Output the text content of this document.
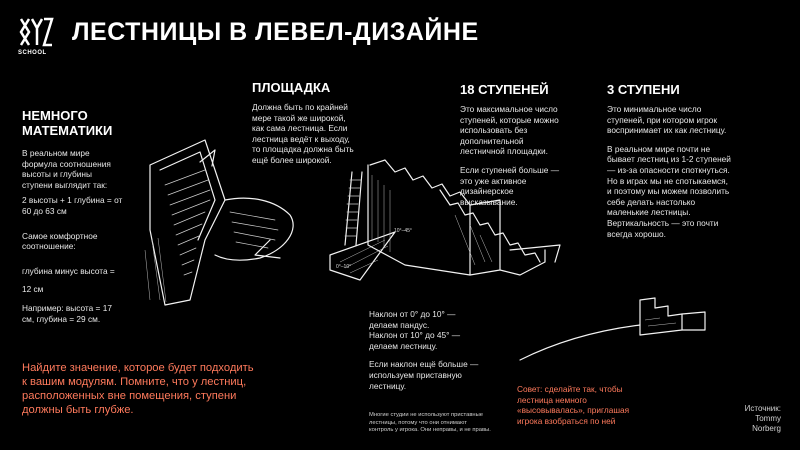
10°–45°
0°–10°
SCHOOL
ЛЕСТНИЦЫ В ЛЕВЕЛ-ДИЗАЙНЕ
НЕМНОГО
МАТЕМАТИКИ
В реальном мире
формула соотношения
высоты и глубины
ступени выглядит так:
2 высоты + 1 глубина = от
60 до 63 см
Самое комфортное
соотношение:
глубина минус высота =
12 см
Например: высота = 17
см, глубина = 29 см.
Найдите значение, которое будет подходить
к вашим модулям. Помните, что у лестниц,
расположенных вне помещения, ступени
должны быть глубже.
ПЛОЩАДКА
Должна быть по крайней
мере такой же широкой,
как сама лестница. Если
лестница ведёт к выходу,
то площадка должна быть
ещё более широкой.
18 СТУПЕНЕЙ
Это максимальное число
ступеней, которые можно
использовать без
дополнительной
лестничной площадки.
Если ступеней больше —
это уже активное
дизайнерское
высказывание.
3 СТУПЕНИ
Это минимальное число
ступеней, при котором игрок
воспринимает их как лестницу.
В реальном мире почти не
бывает лестниц из 1-2 ступеней
— из-за опасности споткнуться.
Но в играх мы не спотыкаемся,
и поэтому мы можем позволить
себе делать настолько
маленькие лестницы.
Вертикальность — это почти
всегда хорошо.
Наклон от 0° до 10° —
делаем пандус.
Наклон от 10° до 45° —
делаем лестницу.
Если наклон ещё больше —
используем приставную
лестницу.
Многие студии не используют приставные
лестницы, потому что они отнимают
контроль у игрока. Они неправы, и не правы.
Совет: сделайте так, чтобы
лестница немного
«высовывалась», приглашая
игрока взобраться по ней
Источник:
Tommy Norberg
